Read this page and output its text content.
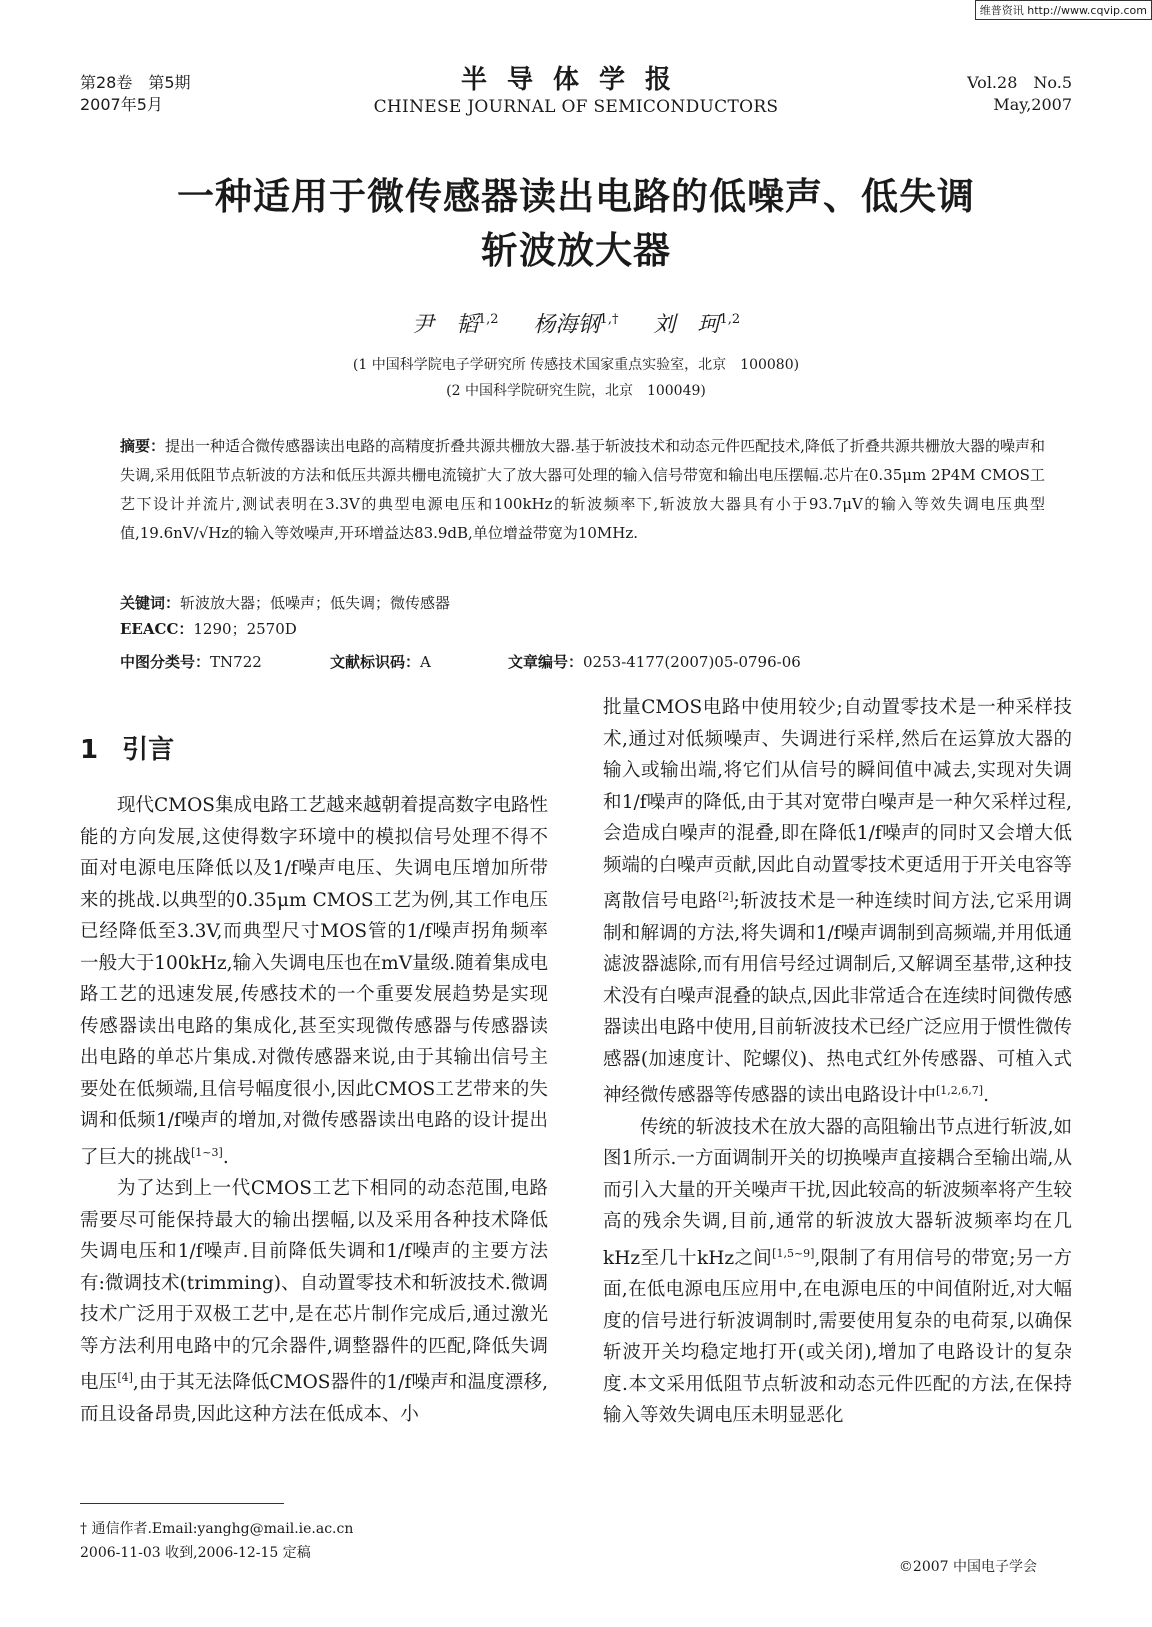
维普资讯 http://www.cqvip.com
第28卷　第5期
2007年5月
半导体学报
CHINESE JOURNAL OF SEMICONDUCTORS
Vol.28　No.5
May,2007
一种适用于微传感器读出电路的低噪声、低失调
斩波放大器
尹　韬$^{1,2}$ 杨海钢$^{1,\dagger}$ 刘　珂$^{1,2}$
(1 中国科学院电子学研究所 传感技术国家重点实验室，北京　100080)
(2 中国科学院研究生院，北京　100049)
摘要：提出一种适合微传感器读出电路的高精度折叠共源共栅放大器.基于斩波技术和动态元件匹配技术,降低了折叠共源共栅放大器的噪声和失调,采用低阻节点斩波的方法和低压共源共栅电流镜扩大了放大器可处理的输入信号带宽和输出电压摆幅.芯片在0.35μm 2P4M CMOS工艺下设计并流片,测试表明在3.3V的典型电源电压和100kHz的斩波频率下,斩波放大器具有小于93.7μV的输入等效失调电压典型值,19.6nV/√Hz的输入等效噪声,开环增益达83.9dB,单位增益带宽为10MHz.
关键词：斩波放大器；低噪声；低失调；微传感器
EEACC：1290；2570D
中图分类号：TN722	文献标识码：A	文章编号：0253-4177(2007)05-0796-06
1 引言

现代CMOS集成电路工艺越来越朝着提高数字电路性能的方向发展,这使得数字环境中的模拟信号处理不得不面对电源电压降低以及1/f噪声电压、失调电压增加所带来的挑战.以典型的0.35μm CMOS工艺为例,其工作电压已经降低至3.3V,而典型尺寸MOS管的1/f噪声拐角频率一般大于100kHz,输入失调电压也在mV量级.随着集成电路工艺的迅速发展,传感技术的一个重要发展趋势是实现传感器读出电路的集成化,甚至实现微传感器与传感器读出电路的单芯片集成.对微传感器来说,由于其输出信号主要处在低频端,且信号幅度很小,因此CMOS工艺带来的失调和低频1/f噪声的增加,对微传感器读出电路的设计提出了巨大的挑战[1~3].

为了达到上一代CMOS工艺下相同的动态范围,电路需要尽可能保持最大的输出摆幅,以及采用各种技术降低失调电压和1/f噪声.目前降低失调和1/f噪声的主要方法有:微调技术(trimming)、自动置零技术和斩波技术.微调技术广泛用于双极工艺中,是在芯片制作完成后,通过激光等方法利用电路中的冗余器件,调整器件的匹配,降低失调电压[4],由于其无法降低CMOS器件的1/f噪声和温度漂移,而且设备昂贵,因此这种方法在低成本、小

批量CMOS电路中使用较少;自动置零技术是一种采样技术,通过对低频噪声、失调进行采样,然后在运算放大器的输入或输出端,将它们从信号的瞬间值中减去,实现对失调和1/f噪声的降低,由于其对宽带白噪声是一种欠采样过程,会造成白噪声的混叠,即在降低1/f噪声的同时又会增大低频端的白噪声贡献,因此自动置零技术更适用于开关电容等离散信号电路[2];斩波技术是一种连续时间方法,它采用调制和解调的方法,将失调和1/f噪声调制到高频端,并用低通滤波器滤除,而有用信号经过调制后,又解调至基带,这种技术没有白噪声混叠的缺点,因此非常适合在连续时间微传感器读出电路中使用,目前斩波技术已经广泛应用于惯性微传感器(加速度计、陀螺仪)、热电式红外传感器、可植入式神经微传感器等传感器的读出电路设计中[1,2,6,7].

传统的斩波技术在放大器的高阻输出节点进行斩波,如图1所示.一方面调制开关的切换噪声直接耦合至输出端,从而引入大量的开关噪声干扰,因此较高的斩波频率将产生较高的残余失调,目前,通常的斩波放大器斩波频率均在几kHz至几十kHz之间[1,5~9],限制了有用信号的带宽;另一方面,在低电源电压应用中,在电源电压的中间值附近,对大幅度的信号进行斩波调制时,需要使用复杂的电荷泵,以确保斩波开关均稳定地打开(或关闭),增加了电路设计的复杂度.本文采用低阻节点斩波和动态元件匹配的方法,在保持输入等效失调电压未明显恶化

† 通信作者.Email:yanghg@mail.ie.ac.cn
2006-11-03 收到,2006-12-15 定稿
©2007 中国电子学会
